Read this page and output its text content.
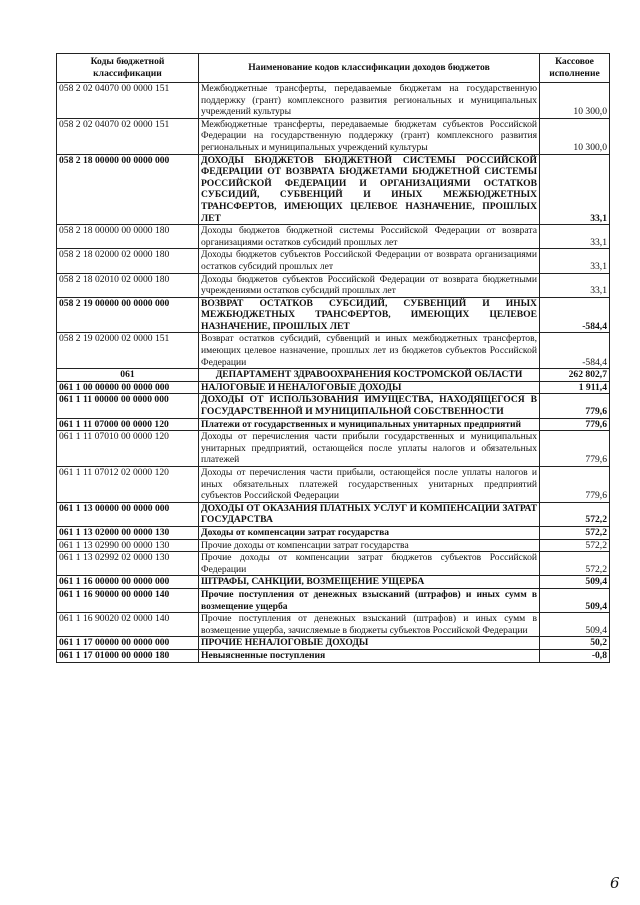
Коды бюджетной классификации	Наименование кодов классификации доходов бюджетов	Кассовое исполнение
058 2 02 04070 00 0000 151	Межбюджетные трансферты, передаваемые бюджетам на государственную поддержку (грант) комплексного развития региональных и муниципальных учреждений культуры	10 300,0
058 2 02 04070 02 0000 151	Межбюджетные трансферты, передаваемые бюджетам субъектов Российской Федерации на государственную поддержку (грант) комплексного развития региональных и муниципальных учреждений культуры	10 300,0
058 2 18 00000 00 0000 000	ДОХОДЫ БЮДЖЕТОВ БЮДЖЕТНОЙ СИСТЕМЫ РОССИЙСКОЙ ФЕДЕРАЦИИ ОТ ВОЗВРАТА БЮДЖЕТАМИ БЮДЖЕТНОЙ СИСТЕМЫ РОССИЙСКОЙ ФЕДЕРАЦИИ И ОРГАНИЗАЦИЯМИ ОСТАТКОВ СУБСИДИЙ, СУБВЕНЦИЙ И ИНЫХ МЕЖБЮДЖЕТНЫХ ТРАНСФЕРТОВ, ИМЕЮЩИХ ЦЕЛЕВОЕ НАЗНАЧЕНИЕ, ПРОШЛЫХ ЛЕТ	33,1
058 2 18 00000 00 0000 180	Доходы бюджетов бюджетной системы Российской Федерации от возврата организациями остатков субсидий прошлых лет	33,1
058 2 18 02000 02 0000 180	Доходы бюджетов субъектов Российской Федерации от возврата организациями остатков субсидий прошлых лет	33,1
058 2 18 02010 02 0000 180	Доходы бюджетов субъектов Российской Федерации от возврата бюджетными учреждениями остатков субсидий прошлых лет	33,1
058 2 19 00000 00 0000 000	ВОЗВРАТ ОСТАТКОВ СУБСИДИЙ, СУБВЕНЦИЙ И ИНЫХ МЕЖБЮДЖЕТНЫХ ТРАНСФЕРТОВ, ИМЕЮЩИХ ЦЕЛЕВОЕ НАЗНАЧЕНИЕ, ПРОШЛЫХ ЛЕТ	-584,4
058 2 19 02000 02 0000 151	Возврат остатков субсидий, субвенций и иных межбюджетных трансфертов, имеющих целевое назначение, прошлых лет из бюджетов субъектов Российской Федерации	-584,4
061	ДЕПАРТАМЕНТ ЗДРАВООХРАНЕНИЯ КОСТРОМСКОЙ ОБЛАСТИ	262 802,7
061 1 00 00000 00 0000 000	НАЛОГОВЫЕ И НЕНАЛОГОВЫЕ ДОХОДЫ	1 911,4
061 1 11 00000 00 0000 000	ДОХОДЫ ОТ ИСПОЛЬЗОВАНИЯ ИМУЩЕСТВА, НАХОДЯЩЕГОСЯ В ГОСУДАРСТВЕННОЙ И МУНИЦИПАЛЬНОЙ СОБСТВЕННОСТИ	779,6
061 1 11 07000 00 0000 120	Платежи от государственных и муниципальных унитарных предприятий	779,6
061 1 11 07010 00 0000 120	Доходы от перечисления части прибыли государственных и муниципальных унитарных предприятий, остающейся после уплаты налогов и обязательных платежей	779,6
061 1 11 07012 02 0000 120	Доходы от перечисления части прибыли, остающейся после уплаты налогов и иных обязательных платежей государственных унитарных предприятий субъектов Российской Федерации	779,6
061 1 13 00000 00 0000 000	ДОХОДЫ ОТ ОКАЗАНИЯ ПЛАТНЫХ УСЛУГ И КОМПЕНСАЦИИ ЗАТРАТ ГОСУДАРСТВА	572,2
061 1 13 02000 00 0000 130	Доходы от компенсации затрат государства	572,2
061 1 13 02990 00 0000 130	Прочие доходы от компенсации затрат государства	572,2
061 1 13 02992 02 0000 130	Прочие доходы от компенсации затрат бюджетов субъектов Российской Федерации	572,2
061 1 16 00000 00 0000 000	ШТРАФЫ, САНКЦИИ, ВОЗМЕЩЕНИЕ УЩЕРБА	509,4
061 1 16 90000 00 0000 140	Прочие поступления от денежных взысканий (штрафов) и иных сумм в возмещение ущерба	509,4
061 1 16 90020 02 0000 140	Прочие поступления от денежных взысканий (штрафов) и иных сумм в возмещение ущерба, зачисляемые в бюджеты субъектов Российской Федерации	509,4
061 1 17 00000 00 0000 000	ПРОЧИЕ НЕНАЛОГОВЫЕ ДОХОДЫ	50,2
061 1 17 01000 00 0000 180	Невыясненные поступления	-0,8
6
